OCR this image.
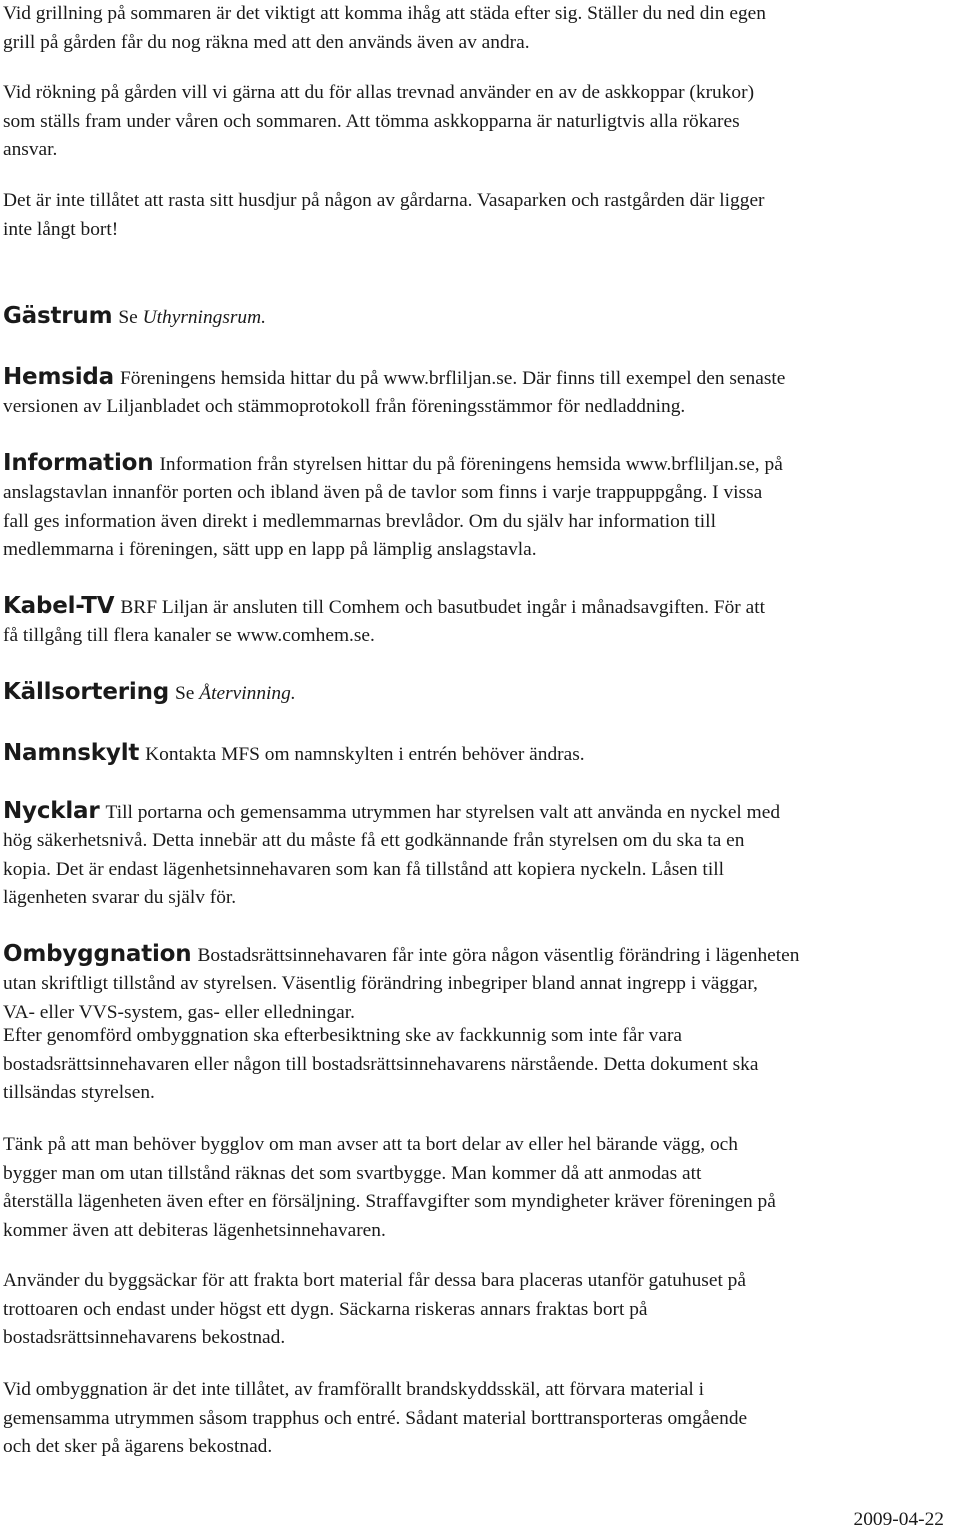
Vid grillning på sommaren är det viktigt att komma ihåg att städa efter sig. Ställer du ned din egen
grill på gården får du nog räkna med att den används även av andra.

Vid rökning på gården vill vi gärna att du för allas trevnad använder en av de askkoppar (krukor)
som ställs fram under våren och sommaren. Att tömma askkopparna är naturligtvis alla rökares
ansvar.

Det är inte tillåtet att rasta sitt husdjur på någon av gårdarna. Vasaparken och rastgården där ligger
inte långt bort!

Gästrum Se Uthyrningsrum.

Hemsida Föreningens hemsida hittar du på www.brfliljan.se. Där finns till exempel den senaste
versionen av Liljanbladet och stämmoprotokoll från föreningsstämmor för nedladdning.

Information Information från styrelsen hittar du på föreningens hemsida www.brfliljan.se, på
anslagstavlan innanför porten och ibland även på de tavlor som finns i varje trappuppgång. I vissa
fall ges information även direkt i medlemmarnas brevlådor. Om du själv har information till
medlemmarna i föreningen, sätt upp en lapp på lämplig anslagstavla.

Kabel-TV BRF Liljan är ansluten till Comhem och basutbudet ingår i månadsavgiften. För att
få tillgång till flera kanaler se www.comhem.se.

Källsortering Se Återvinning.

Namnskylt Kontakta MFS om namnskylten i entrén behöver ändras.

Nycklar Till portarna och gemensamma utrymmen har styrelsen valt att använda en nyckel med
hög säkerhetsnivå. Detta innebär att du måste få ett godkännande från styrelsen om du ska ta en
kopia. Det är endast lägenhetsinnehavaren som kan få tillstånd att kopiera nyckeln. Låsen till
lägenheten svarar du själv för.

Ombyggnation Bostadsrättsinnehavaren får inte göra någon väsentlig förändring i lägenheten
utan skriftligt tillstånd av styrelsen. Väsentlig förändring inbegriper bland annat ingrepp i väggar,
VA- eller VVS-system, gas- eller elledningar.

Efter genomförd ombyggnation ska efterbesiktning ske av fackkunnig som inte får vara
bostadsrättsinnehavaren eller någon till bostadsrättsinnehavarens närstående. Detta dokument ska
tillsändas styrelsen.

Tänk på att man behöver bygglov om man avser att ta bort delar av eller hel bärande vägg, och
bygger man om utan tillstånd räknas det som svartbygge. Man kommer då att anmodas att
återställa lägenheten även efter en försäljning. Straffavgifter som myndigheter kräver föreningen på
kommer även att debiteras lägenhetsinnehavaren.

Använder du byggsäckar för att frakta bort material får dessa bara placeras utanför gatuhuset på
trottoaren och endast under högst ett dygn. Säckarna riskeras annars fraktas bort på
bostadsrättsinnehavarens bekostnad.

Vid ombyggnation är det inte tillåtet, av framförallt brandskyddsskäl, att förvara material i
gemensamma utrymmen såsom trapphus och entré. Sådant material borttransporteras omgående
och det sker på ägarens bekostnad.

2009-04-22
